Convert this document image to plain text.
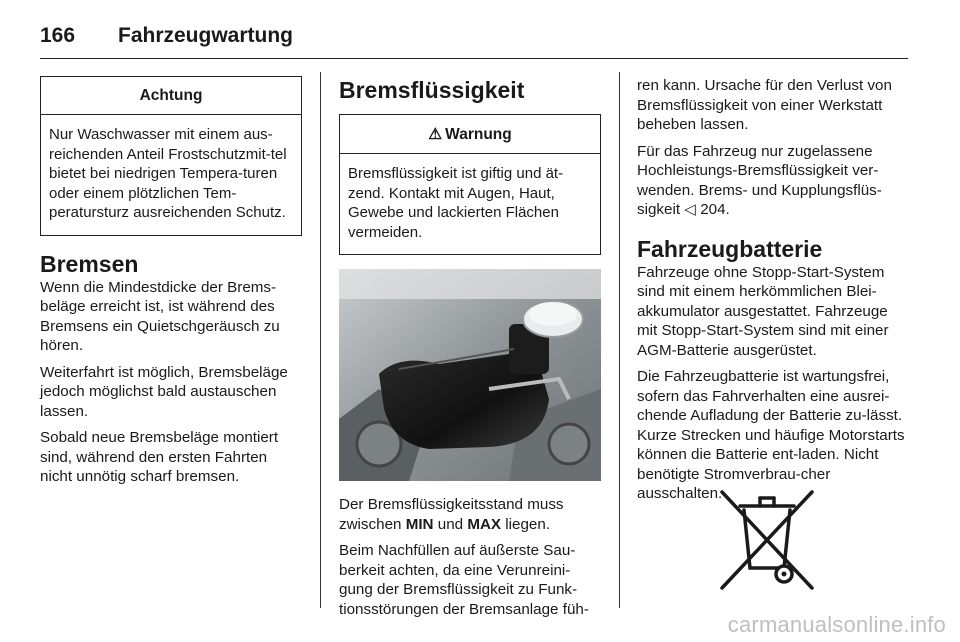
166 Fahrzeugwartung
Achtung
Nur Waschwasser mit einem aus-reichenden Anteil Frostschutzmit-tel bietet bei niedrigen Tempera-turen oder einem plötzlichen Tem-peratursturz ausreichenden Schutz.
Bremsen

Wenn die Mindestdicke der Brems-beläge erreicht ist, ist während des Bremsens ein Quietschgeräusch zu hören.

Weiterfahrt ist möglich, Bremsbeläge jedoch möglichst bald austauschen lassen.

Sobald neue Bremsbeläge montiert sind, während den ersten Fahrten nicht unnötig scharf bremsen.

Bremsflüssigkeit
⚠ Warnung
Bremsflüssigkeit ist giftig und ät-zend. Kontakt mit Augen, Haut, Gewebe und lackierten Flächen vermeiden.

Der Bremsflüssigkeitsstand muss zwischen MIN und MAX liegen.

Beim Nachfüllen auf äußerste Sau-berkeit achten, da eine Verunreini-gung der Bremsflüssigkeit zu Funk-tionsstörungen der Bremsanlage füh-

ren kann. Ursache für den Verlust von Bremsflüssigkeit von einer Werkstatt beheben lassen.

Für das Fahrzeug nur zugelassene Hochleistungs-Bremsflüssigkeit ver-wenden. Brems- und Kupplungsflüs-sigkeit ◁ 204.

Fahrzeugbatterie

Fahrzeuge ohne Stopp-Start-System sind mit einem herkömmlichen Blei-akkumulator ausgestattet. Fahrzeuge mit Stopp-Start-System sind mit einer AGM-Batterie ausgerüstet.

Die Fahrzeugbatterie ist wartungsfrei, sofern das Fahrverhalten eine ausrei-chende Aufladung der Batterie zu-lässt. Kurze Strecken und häufige Motorstarts können die Batterie ent-laden. Nicht benötigte Stromverbrau-cher ausschalten.

carmanualsonline.info
